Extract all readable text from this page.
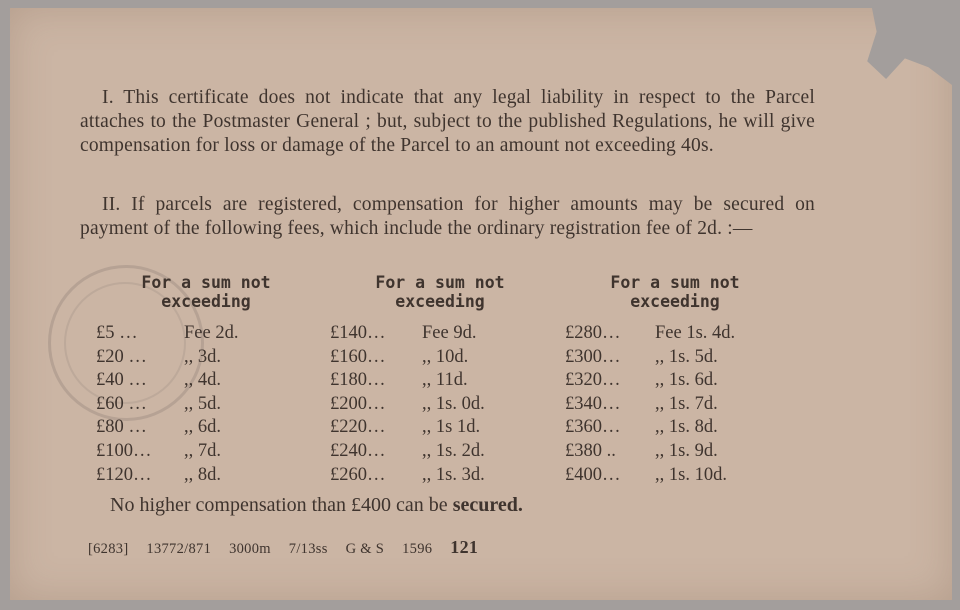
I. This certificate does not indicate that any legal liability in respect to the Parcel attaches to the Postmaster General ; but, subject to the published Regulations, he will give compensation for loss or damage of the Parcel to an amount not exceeding 40s.
II. If parcels are registered, compensation for higher amounts may be secured on payment of the following fees, which include the ordinary registration fee of 2d. :—
For a sum not exceeding
£5 …	Fee 2d.
£20 … ,, 3d.
£40 … ,, 4d.
£60 … ,, 5d.
£80 … ,, 6d.
£100… ,, 7d.
£120… ,, 8d.
For a sum not exceeding
£140… Fee 9d.
£160… ,, 10d.
£180… ,, 11d.
£200… ,, 1s. 0d.
£220… ,, 1s 1d.
£240… ,, 1s. 2d.
£260… ,, 1s. 3d.
For a sum not exceeding
£280… Fee 1s. 4d.
£300… ,, 1s. 5d.
£320… ,, 1s. 6d.
£340… ,, 1s. 7d.
£360… ,, 1s. 8d.
£380 .. ,, 1s. 9d.
£400… ,, 1s. 10d.
No higher compensation than £400 can be secured.
[6283] 13772/871 3000m 7/13ss G & S 1596 121
